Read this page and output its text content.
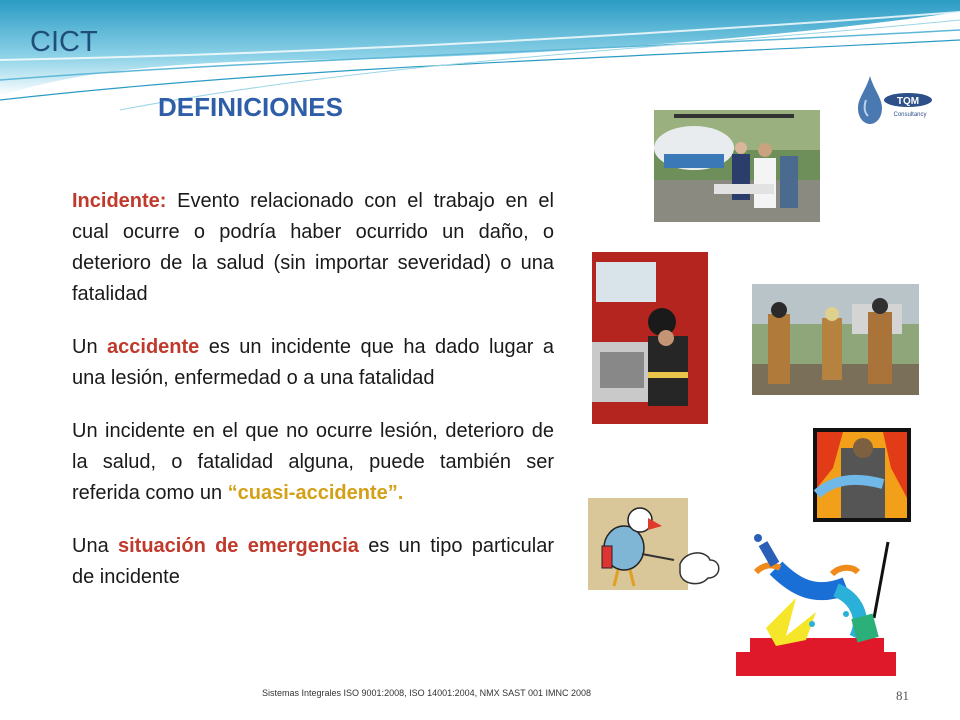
CICT
DEFINICIONES	TQM
Consultancy

Incidente: Evento relacionado con el trabajo en el cual ocurre o podría haber ocurrido un daño, o deterioro de la salud (sin importar severidad) o una fatalidad

Un accidente es un incidente que ha dado lugar a una lesión, enfermedad o a una fatalidad

Un incidente en el que no ocurre lesión, deterioro de la salud, o fatalidad alguna, puede también ser referida como un “cuasi-accidente”.

Una situación de emergencia es un tipo particular de incidente

Sistemas Integrales ISO 9001:2008, ISO 14001:2004, NMX SAST 001 IMNC 2008	81
